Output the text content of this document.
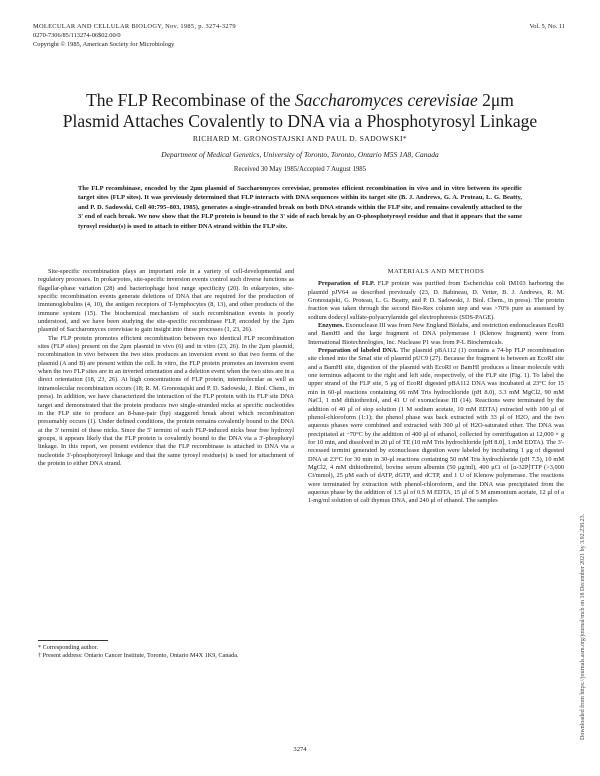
MOLECULAR AND CELLULAR BIOLOGY, Nov. 1985, p. 3274-3279
0270-7306/85/113274-06$02.00/0
Copyright © 1985, American Society for Microbiology
Vol. 5, No. 11
The FLP Recombinase of the Saccharomyces cerevisiae 2μm
Plasmid Attaches Covalently to DNA via a Phosphotyrosyl Linkage
RICHARD M. GRONOSTAJSKI AND PAUL D. SADOWSKI*
Department of Medical Genetics, University of Toronto, Toronto, Ontario M5S 1A8, Canada
Received 30 May 1985/Accepted 7 August 1985
The FLP recombinase, encoded by the 2μm plasmid of Saccharomyces cerevisiae, promotes efficient recombination in vivo and in vitro between its specific target sites (FLP sites). It was previously determined that FLP interacts with DNA sequences within its target site (B. J. Andrews, G. A. Proteau, L. G. Beatty, and P. D. Sadowski, Cell 40:795–803, 1985), generates a single-stranded break on both DNA strands within the FLP site, and remains covalently attached to the 3' end of each break. We now show that the FLP protein is bound to the 3' side of each break by an O-phosphotyrosyl residue and that it appears that the same tyrosyl residue(s) is used to attach to either DNA strand within the FLP site.

Site-specific recombination plays an important role in a variety of cell-developmental and regulatory processes. In prokaryotes, site-specific inversion events control such diverse functions as flagellar-phase variation (28) and bacteriophage host range specificity (20). In eukaryotes, site-specific recombination events generate deletions of DNA that are required for the production of immunoglobulins (4, 10), the antigen receptors of T-lymphocytes (8, 13), and other products of the immune system (15). The biochemical mechanism of such recombination events is poorly understood, and we have been studying the site-specific recombinase FLP, encoded by the 2μm plasmid of Saccharomyces cerevisiae to gain insight into these processes (1, 23, 26).

The FLP protein promotes efficient recombination between two identical FLP recombination sites (FLP sites) present on the 2μm plasmid in vivo (6) and in vitro (23, 26). In the 2μm plasmid, recombination in vivo between the two sites produces an inversion event so that two forms of the plasmid (A and B) are present within the cell. In vitro, the FLP protein promotes an inversion event when the two FLP sites are in an inverted orientation and a deletion event when the two sites are in a direct orientation (18, 23, 26). At high concentrations of FLP protein, intermolecular as well as intramolecular recombination occurs (18; R. M. Gronostajski and P. D. Sadowski, J. Biol. Chem., in press). In addition, we have characterized the interaction of the FLP protein with its FLP site DNA target and demonstrated that the protein produces two single-stranded nicks at specific nucleotides in the FLP site to produce an 8-base-pair (bp) staggered break about which recombination presumably occurs (1). Under defined conditions, the protein remains covalently bound to the DNA at the 3' termini of these nicks. Since the 5' termini of such FLP-induced nicks bear free hydroxyl groups, it appears likely that the FLP protein is covalently bound to the DNA via a 3'-phosphoryl linkage. In this report, we present evidence that the FLP recombinase is attached to DNA via a nucleotide 3'-phosphotyrosyl linkage and that the same tyrosyl residue(s) is used for attachment of the protein to either DNA strand.

* Corresponding author.
† Present address: Ontario Cancer Institute, Toronto, Ontario M4X 1K9, Canada.
MATERIALS AND METHODS

Preparation of FLP. FLP protein was purified from Escherichia coli IM103 harboring the plasmid pJV64 as described previously (23, D. Babineau, D. Vetter, B. J. Andrews, R. M. Gronostajski, G. Proteau, L. G. Beatty, and P. D. Sadowski, J. Biol. Chem., in press). The protein fraction was taken through the second Bio-Rex column step and was >70% pure as assessed by sodium dodecyl sulfate-polyacrylamide gel electrophoresis (SDS-PAGE).

Enzymes. Exonuclease III was from New England Biolabs, and restriction endonucleases EcoRI and BamHI and the large fragment of DNA polymerase I (Klenow fragment) were from International Biotechnologies, Inc. Nuclease P1 was from P-L Biochemicals.

Preparation of labeled DNA. The plasmid pBA112 (1) contains a 74-bp FLP recombination site cloned into the SmaI site of plasmid pUC9 (27). Because the fragment is between an EcoRI site and a BamHI site, digestion of the plasmid with EcoRI or BamHI produces a linear molecule with one terminus adjacent to the right and left side, respectively, of the FLP site (Fig. 1). To label the upper strand of the FLP site, 5 μg of EcoRI digested pBA112 DNA was incubated at 23°C for 15 min in 60-μl reactions containing 66 mM Tris hydrochloride (pH 8.0), 3.3 mM MgCl2, 90 mM NaCl, 1 mM dithiothreitol, and 41 U of exonuclease III (14). Reactions were terminated by the addition of 40 μl of stop solution (1 M sodium acetate, 10 mM EDTA) extracted with 100 μl of phenol-chloroform (1:1); the phenol phase was back extracted with 33 μl of H2O, and the two aqueous phases were combined and extracted with 300 μl of H2O-saturated ether. The DNA was precipitated at −70°C by the addition of 400 μl of ethanol, collected by centrifugation at 12,000 × g for 10 min, and dissolved in 20 μl of TE (10 mM Tris hydrochloride [pH 8.0], 1 mM EDTA). The 3'-recessed termini generated by exonuclease digestion were labeled by incubating 1 μg of digested DNA at 23°C for 30 min in 30-μl reactions containing 50 mM Tris hydrochloride (pH 7.5), 10 mM MgCl2, 4 mM dithiothreitol, bovine serum albumin (50 μg/ml), 400 μCi of [α-32P]TTP (>3,000 Ci/mmol), 25 μM each of dATP, dGTP, and dCTP, and 1 U of Klenow polymerase. The reactions were terminated by extraction with phenol-chloroform, and the DNA was precipitated from the aqueous phase by the addition of 1.5 μl of 0.5 M EDTA, 15 μl of 5 M ammonium acetate, 12 μl of a 1-mg/ml solution of calf thymus DNA, and 240 μl of ethanol. The samples

3274
Downloaded from https://journals.asm.org/journal/mcb on 18 December 2021 by 3.92.238.23.
